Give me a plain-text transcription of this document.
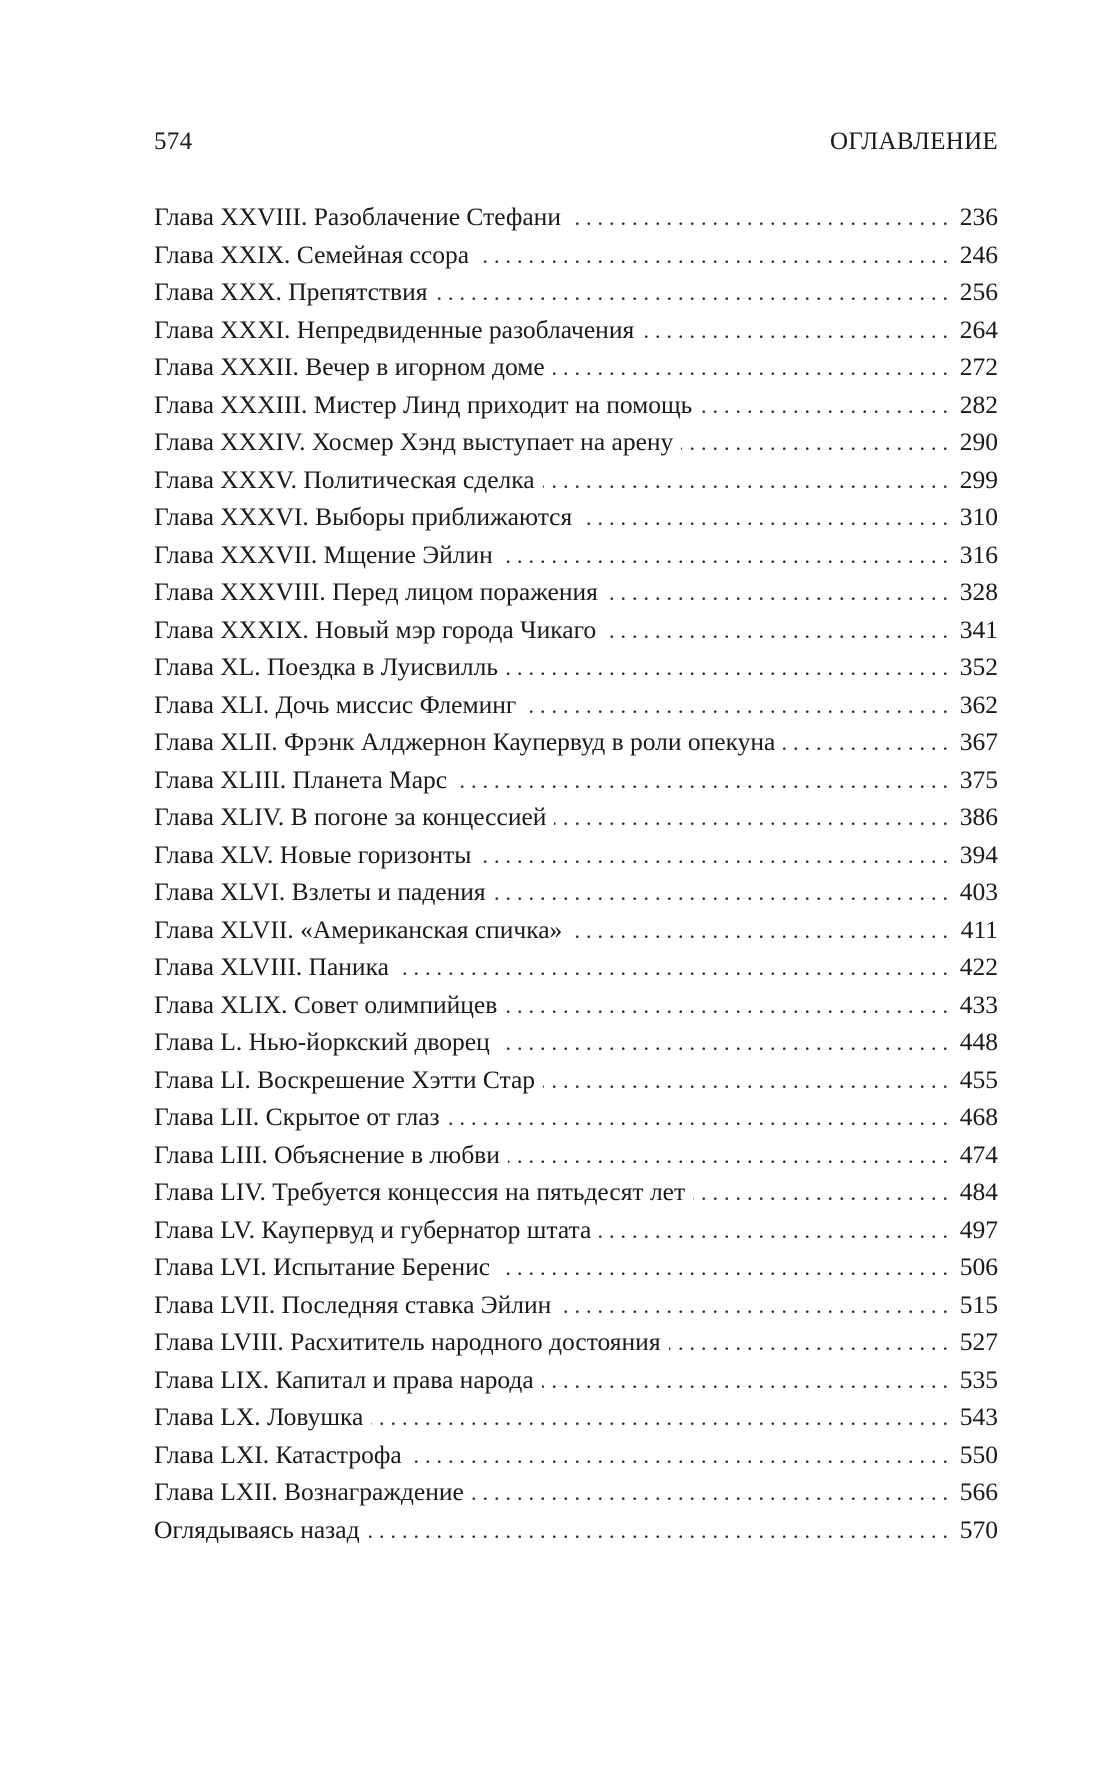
574	ОГЛАВЛЕНИЕ
Глава XXVIII. Разоблачение Стефани . . .	236
Глава XXIX. Семейная ссора . . .	246
Глава XXX. Препятствия . . .	256
Глава XXXI. Непредвиденные разоблачения . . .	264
Глава XXXII. Вечер в игорном доме . . .	272
Глава XXXIII. Мистер Линд приходит на помощь . . .	282
Глава XXXIV. Хосмер Хэнд выступает на арену . . .	290
Глава XXXV. Политическая сделка . . .	299
Глава XXXVI. Выборы приближаются . . .	310
Глава XXXVII. Мщение Эйлин . . .	316
Глава XXXVIII. Перед лицом поражения . . .	328
Глава XXXIX. Новый мэр города Чикаго . . .	341
Глава XL. Поездка в Луисвилль . . .	352
Глава XLI. Дочь миссис Флеминг . . .	362
Глава XLII. Фрэнк Алджернон Каупервуд в роли опекуна . . .	367
Глава XLIII. Планета Марс . . .	375
Глава XLIV. В погоне за концессией . . .	386
Глава XLV. Новые горизонты . . .	394
Глава XLVI. Взлеты и падения . . .	403
Глава XLVII. «Американская спичка» . . .	411
Глава XLVIII. Паника . . .	422
Глава XLIX. Совет олимпийцев . . .	433
Глава L. Нью-йоркский дворец . . .	448
Глава LI. Воскрешение Хэтти Стар . . .	455
Глава LII. Скрытое от глаз . . .	468
Глава LIII. Объяснение в любви . . .	474
Глава LIV. Требуется концессия на пятьдесят лет . . .	484
Глава LV. Каупервуд и губернатор штата . . .	497
Глава LVI. Испытание Беренис . . .	506
Глава LVII. Последняя ставка Эйлин . . .	515
Глава LVIII. Расхититель народного достояния . . .	527
Глава LIX. Капитал и права народа . . .	535
Глава LX. Ловушка . . .	543
Глава LXI. Катастрофа . . .	550
Глава LXII. Вознаграждение . . .	566
Оглядываясь назад . . .	570
